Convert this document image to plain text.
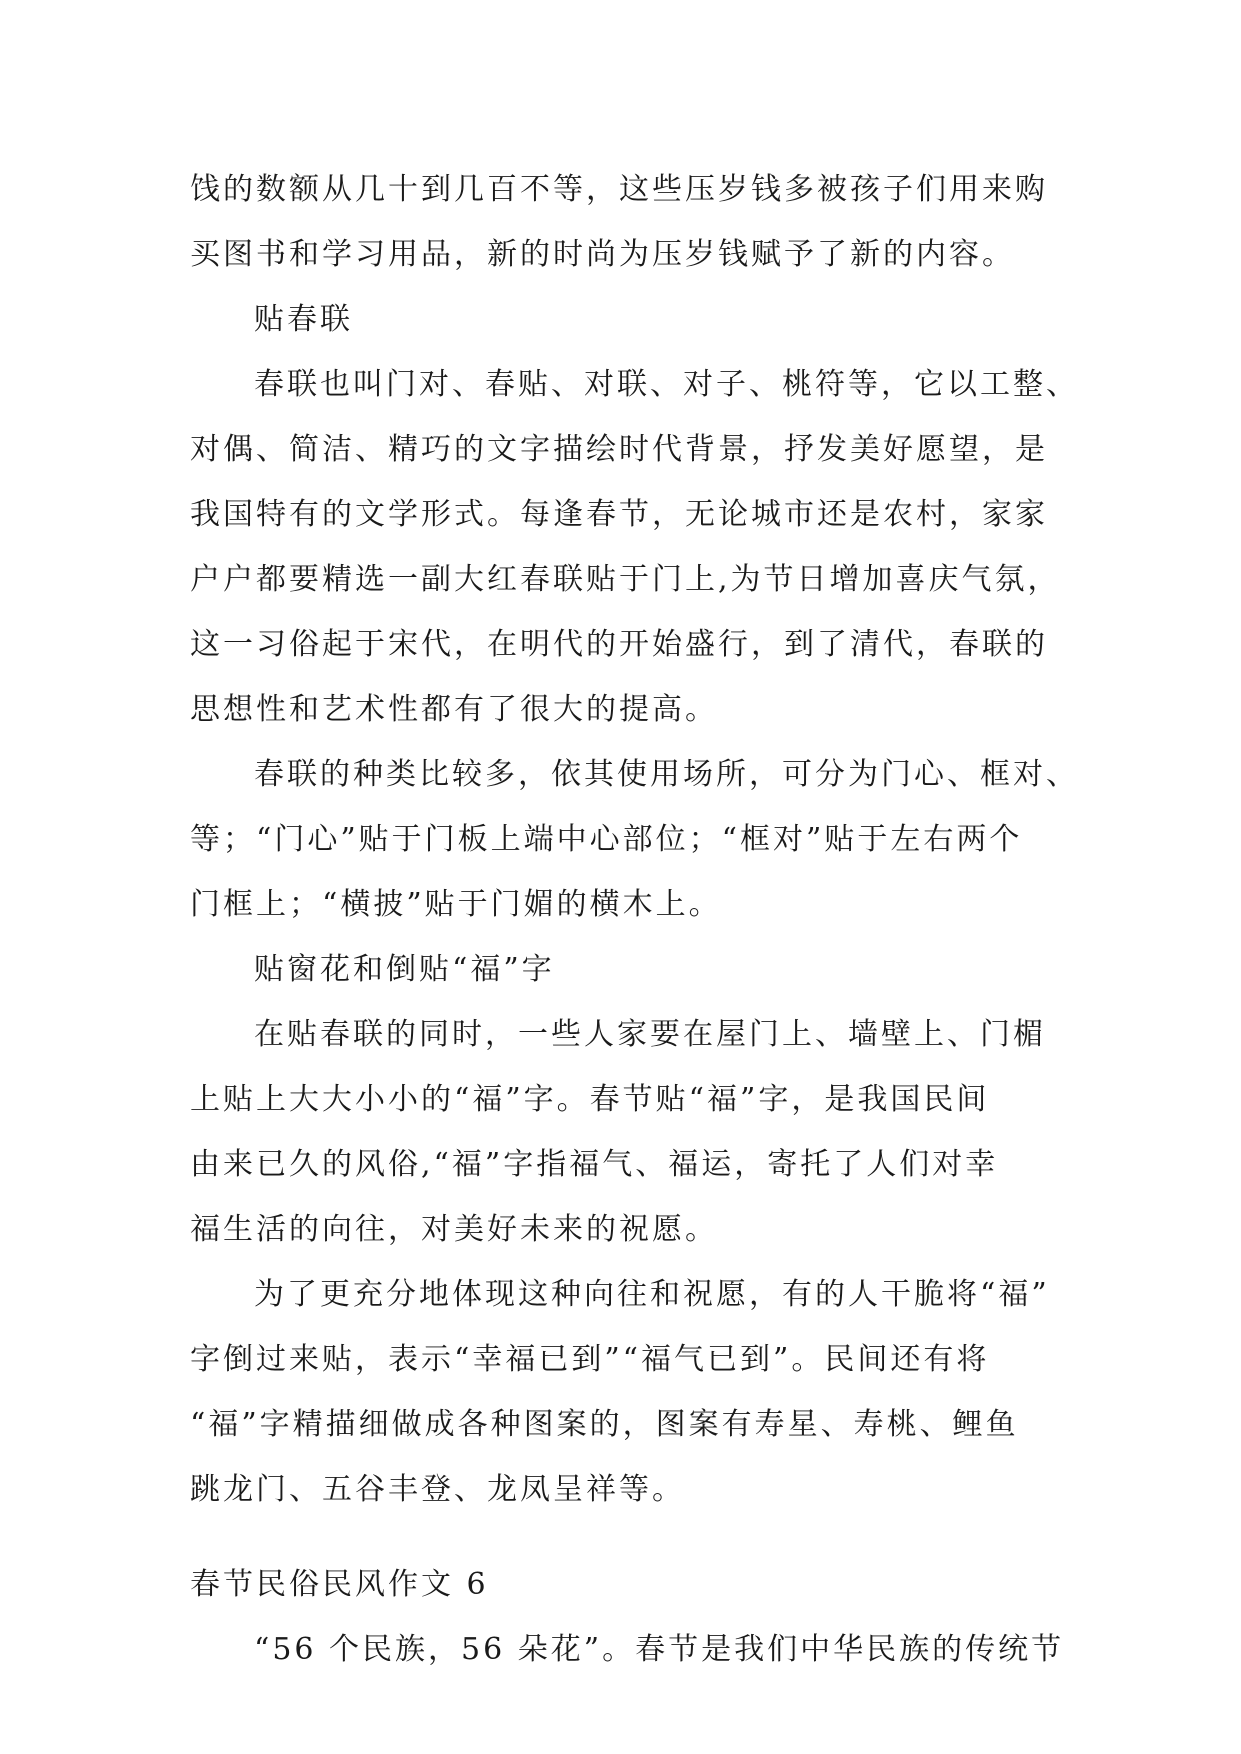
饯的数额从几十到几百不等，这些压岁钱多被孩子们用来购
买图书和学习用品，新的时尚为压岁钱赋予了新的内容。
贴春联
春联也叫门对、春贴、对联、对子、桃符等，它以工整、
对偶、简洁、精巧的文字描绘时代背景，抒发美好愿望，是
我国特有的文学形式。每逢春节，无论城市还是农村，家家
户户都要精选一副大红春联贴于门上,为节日增加喜庆气氛，
这一习俗起于宋代，在明代的开始盛行，到了清代，春联的
思想性和艺术性都有了很大的提高。
春联的种类比较多，依其使用场所，可分为门心、框对、
等；“门心”贴于门板上端中心部位；“框对”贴于左右两个
门框上；“横披”贴于门媚的横木上。
贴窗花和倒贴“福”字
在贴春联的同时，一些人家要在屋门上、墙壁上、门楣
上贴上大大小小的“福”字。春节贴“福”字，是我国民间
由来已久的风俗,“福”字指福气、福运，寄托了人们对幸
福生活的向往，对美好未来的祝愿。
为了更充分地体现这种向往和祝愿，有的人干脆将“福”
字倒过来贴，表示“幸福已到”“福气已到”。民间还有将
“福”字精描细做成各种图案的，图案有寿星、寿桃、鲤鱼
跳龙门、五谷丰登、龙凤呈祥等。
春节民俗民风作文 6
“56 个民族，56 朵花”。春节是我们中华民族的传统节
